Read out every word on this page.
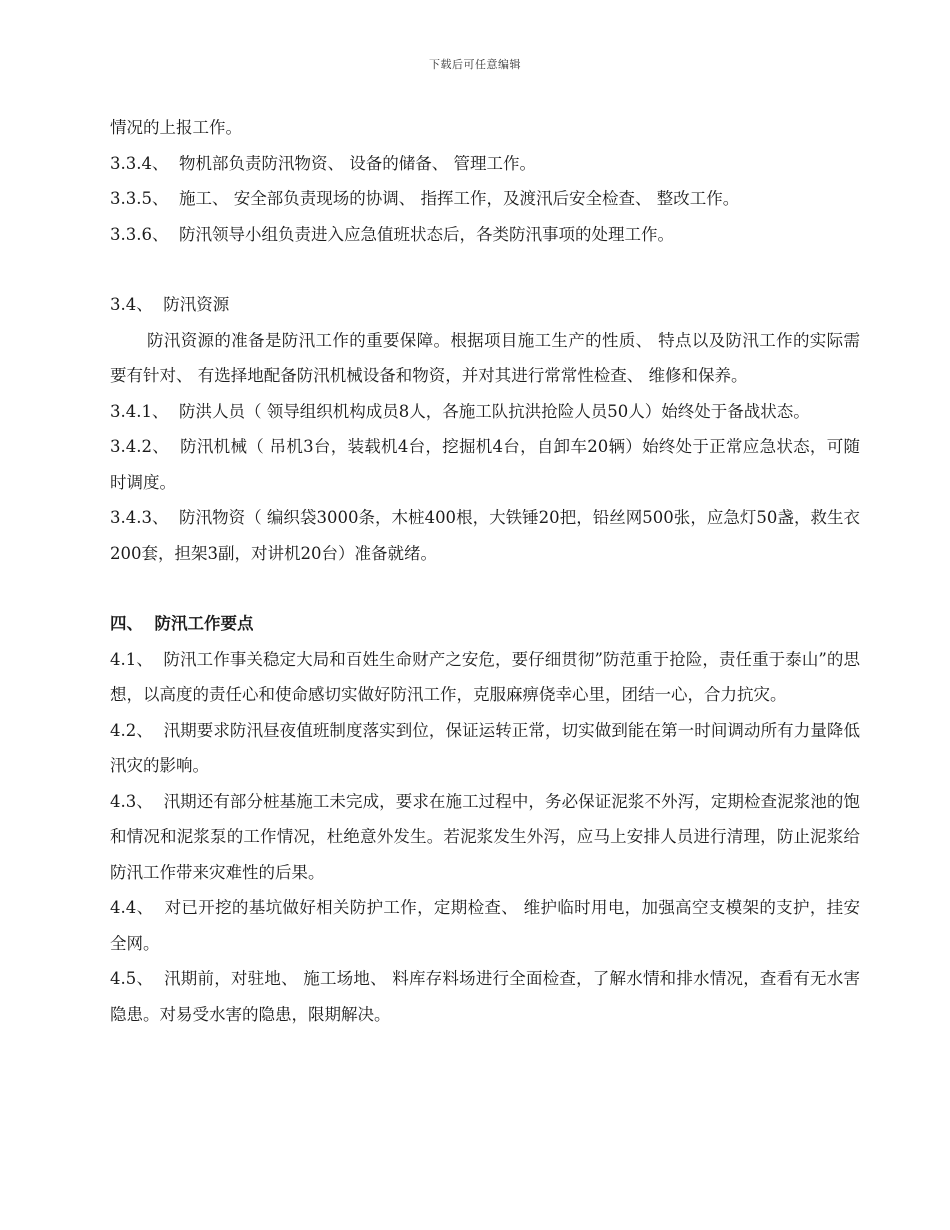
下载后可任意编辑

情况的上报工作。

3.3.4、  物机部负责防汛物资、 设备的储备、 管理工作。

3.3.5、  施工、 安全部负责现场的协调、 指挥工作，及渡汛后安全检查、 整改工作。

3.3.6、  防汛领导小组负责进入应急值班状态后，各类防汛事项的处理工作。

3.4、  防汛资源

防汛资源的准备是防汛工作的重要保障。根据项目施工生产的性质、 特点以及防汛工作的实际需要有针对、 有选择地配备防汛机械设备和物资，并对其进行常常性检查、 维修和保养。

3.4.1、  防洪人员（ 领导组织机构成员8人，各施工队抗洪抢险人员50人）始终处于备战状态。

3.4.2、  防汛机械（ 吊机3台，装载机4台，挖掘机4台，自卸车20辆）始终处于正常应急状态，可随时调度。

3.4.3、  防汛物资（ 编织袋3000条，木桩400根，大铁锤20把，铅丝网500张，应急灯50盏，救生衣200套，担架3副，对讲机20台）准备就绪。

四、  防汛工作要点

4.1、  防汛工作事关稳定大局和百姓生命财产之安危，要仔细贯彻”防范重于抢险，责任重于泰山”的思想，以高度的责任心和使命感切实做好防汛工作，克服麻痹侥幸心里，团结一心，合力抗灾。

4.2、  汛期要求防汛昼夜值班制度落实到位，保证运转正常，切实做到能在第一时间调动所有力量降低汛灾的影响。

4.3、  汛期还有部分桩基施工未完成，要求在施工过程中，务必保证泥浆不外泻，定期检查泥浆池的饱和情况和泥浆泵的工作情况，杜绝意外发生。若泥浆发生外泻，应马上安排人员进行清理，防止泥浆给防汛工作带来灾难性的后果。

4.4、  对已开挖的基坑做好相关防护工作，定期检查、 维护临时用电，加强高空支模架的支护，挂安全网。

4.5、  汛期前，对驻地、 施工场地、 料库存料场进行全面检查，了解水情和排水情况，查看有无水害隐患。对易受水害的隐患，限期解决。
